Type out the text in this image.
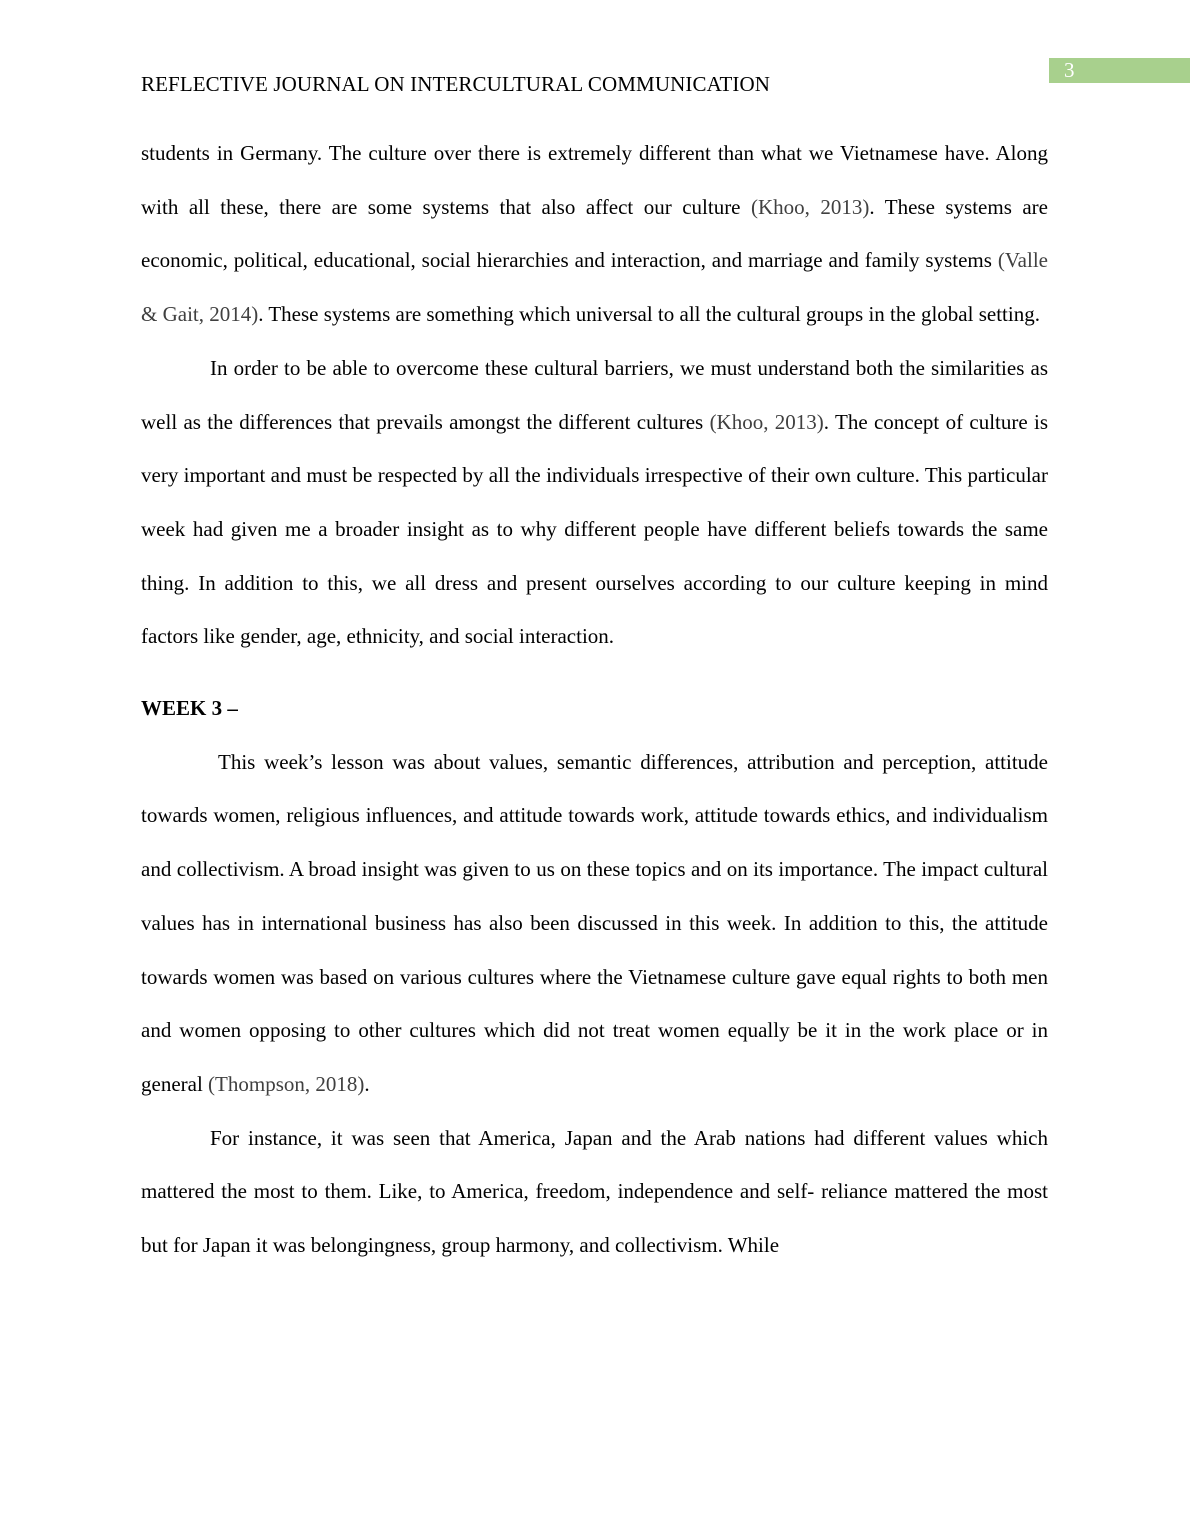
3
REFLECTIVE JOURNAL ON INTERCULTURAL COMMUNICATION

students in Germany. The culture over there is extremely different than what we Vietnamese have. Along with all these, there are some systems that also affect our culture (Khoo, 2013). These systems are economic, political, educational, social hierarchies and interaction, and marriage and family systems (Valle & Gait, 2014). These systems are something which universal to all the cultural groups in the global setting.

In order to be able to overcome these cultural barriers, we must understand both the similarities as well as the differences that prevails amongst the different cultures (Khoo, 2013). The concept of culture is very important and must be respected by all the individuals irrespective of their own culture. This particular week had given me a broader insight as to why different people have different beliefs towards the same thing. In addition to this, we all dress and present ourselves according to our culture keeping in mind factors like gender, age, ethnicity, and social interaction.

WEEK 3 –

This week’s lesson was about values, semantic differences, attribution and perception, attitude towards women, religious influences, and attitude towards work, attitude towards ethics, and individualism and collectivism. A broad insight was given to us on these topics and on its importance. The impact cultural values has in international business has also been discussed in this week. In addition to this, the attitude towards women was based on various cultures where the Vietnamese culture gave equal rights to both men and women opposing to other cultures which did not treat women equally be it in the work place or in general (Thompson, 2018).

For instance, it was seen that America, Japan and the Arab nations had different values which mattered the most to them. Like, to America, freedom, independence and self- reliance mattered the most but for Japan it was belongingness, group harmony, and collectivism. While
